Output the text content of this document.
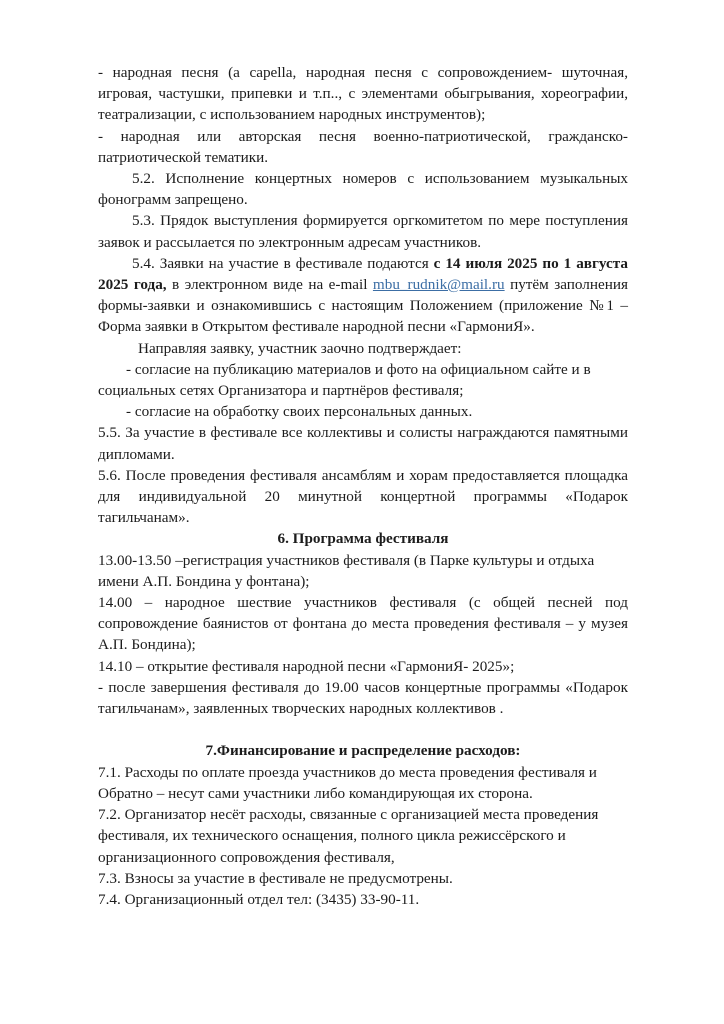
- народная песня (a capella, народная песня с сопровождением- шуточная, игровая, частушки, припевки и т.п.., с элементами обыгрывания, хореографии, театрализации, с использованием народных инструментов);

- народная или авторская песня военно-патриотической, гражданско-патриотической тематики.

5.2. Исполнение концертных номеров с использованием музыкальных фонограмм запрещено.

5.3. Прядок выступления формируется оргкомитетом по мере поступления заявок и рассылается по электронным адресам участников.

5.4. Заявки на участие в фестивале подаются с 14 июля 2025 по 1 августа 2025 года, в электронном виде на e-mail mbu_rudnik@mail.ru путём заполнения формы-заявки и ознакомившись с настоящим Положением (приложение №1 – Форма заявки в Открытом фестивале народной песни «ГармониЯ».

Направляя заявку, участник заочно подтверждает:

- согласие на публикацию материалов и фото на официальном сайте и в социальных сетях Организатора и партнёров фестиваля;

- согласие на обработку своих персональных данных.

5.5. За участие в фестивале все коллективы и солисты награждаются памятными дипломами.

5.6. После проведения фестиваля ансамблям и хорам предоставляется площадка для индивидуальной 20 минутной концертной программы «Подарок тагильчанам».

6. Программа фестиваля

13.00-13.50 –регистрация участников фестиваля (в Парке культуры и отдыха имени А.П. Бондина у фонтана);

14.00 – народное шествие участников фестиваля (с общей песней под сопровождение баянистов от фонтана до места проведения фестиваля – у музея А.П. Бондина);

14.10 – открытие фестиваля народной песни «ГармониЯ- 2025»;

- после завершения фестиваля до 19.00 часов концертные программы «Подарок тагильчанам», заявленных творческих народных коллективов .

7.Финансирование и распределение расходов:

7.1. Расходы по оплате проезда участников до места проведения фестиваля и Обратно – несут сами участники либо командирующая их сторона.

7.2. Организатор несёт расходы, связанные с организацией места проведения фестиваля, их технического оснащения, полного цикла режиссёрского и организационного сопровождения фестиваля,

7.3. Взносы за участие в фестивале не предусмотрены.

7.4. Организационный отдел тел: (3435) 33-90-11.
